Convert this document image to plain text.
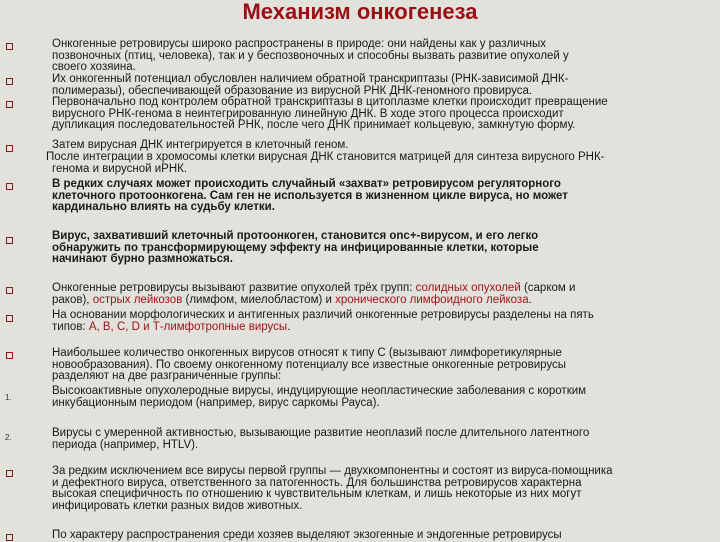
Механизм онкогенеза
1.
2.
Онкогенные ретровирусы широко распространены в природе: они найдены как у различных
позвоночных (птиц, человека), так и у беспозвоночных и способны вызвать развитие опухолей у
своего хозяина.
Их онкогенный потенциал обусловлен наличием обратной транскриптазы (РНК-зависимой ДНК-
полимеразы), обеспечивающей образование из вирусной РНК ДНК-геномного провируса.
Первоначально под контролем обратной транскриптазы в цитоплазме клетки происходит превращение
вирусного РНК-генома в неинтегрированную линейную ДНК. В ходе этого процесса происходит
дупликация последовательностей РНК, после чего ДНК принимает кольцевую, замкнутую форму.
Затем вирусная ДНК интегрируется в клеточный геном.
После интеграции в хромосомы клетки вирусная ДНК становится матрицей для синтеза вирусного РНК-
генома и вирусной иРНК.
В редких случаях может происходить случайный «захват» ретровирусом регуляторного
клеточного протоонкогена. Сам ген не используется в жизненном цикле вируса, но может
кардинально влиять на судьбу клетки.
Вирус, захвативший клеточный протоонкоген, становится onc+-вирусом, и его легко
обнаружить по трансформирующему эффекту на инфицированные клетки, которые
начинают бурно размножаться.
Онкогенные ретровирусы вызывают развитие опухолей трёх групп: солидных опухолей (сарком и
раков), острых лейкозов (лимфом, миелобластом) и хронического лимфоидного лейкоза.
На основании морфологических и антигенных различий онкогенные ретровирусы разделены на пять
типов: А, В, С, D и Т-лимфотропные вирусы.
Наибольшее количество онкогенных вирусов относят к типу С (вызывают лимфоретикулярные
новообразования). По своему онкогенному потенциалу все известные онкогенные ретровирусы
разделяют на две разграниченные группы:
Высокоактивные опухолеродные вирусы, индуцирующие неопластические заболевания с коротким
инкубационным периодом (например, вирус саркомы Рауса).
Вирусы с умеренной активностью, вызывающие развитие неоплазий после длительного латентного
периода (например, HTLV).
За редким исключением все вирусы первой группы — двухкомпонентны и состоят из вируса-помощника
и дефектного вируса, ответственного за патогенность. Для большинства ретровирусов характерна
высокая специфичность по отношению к чувствительным клеткам, и лишь некоторые из них могут
инфицировать клетки разных видов животных.
По характеру распространения среди хозяев выделяют экзогенные и эндогенные ретровирусы
